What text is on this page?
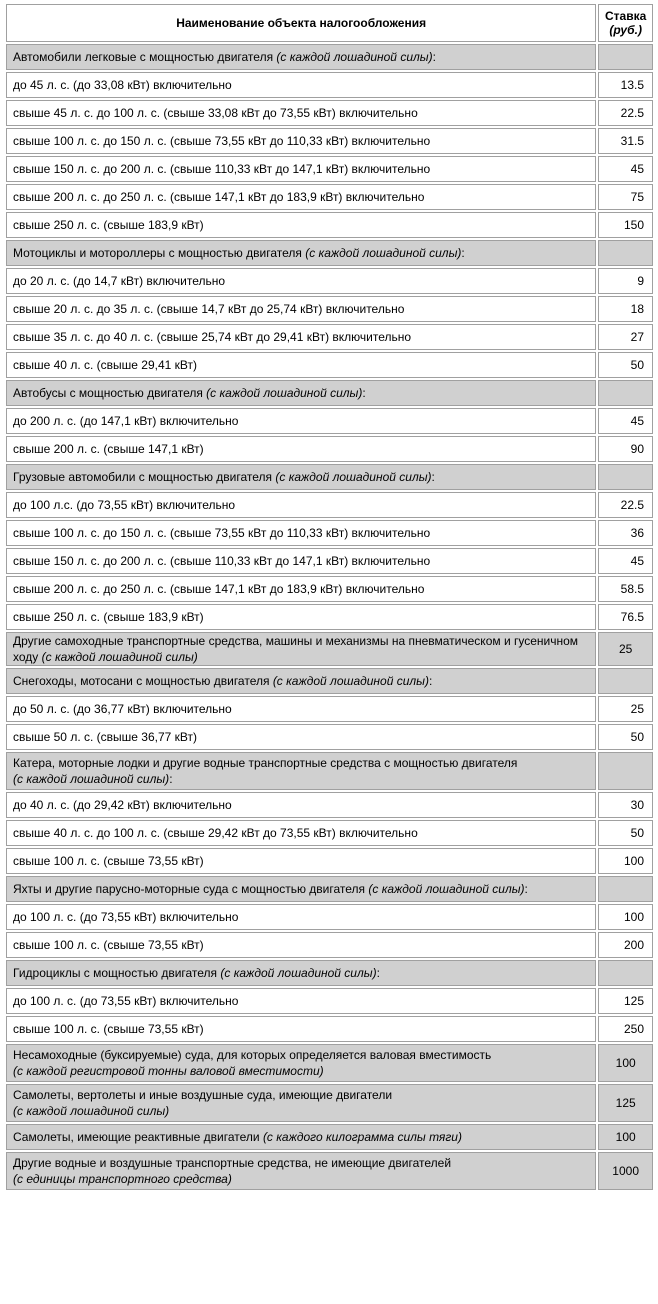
Наименование объекта налогообложения	Ставка
(руб.)
Автомобили легковые с мощностью двигателя (с каждой лошадиной силы):	
до 45 л. с. (до 33,08 кВт) включительно	13.5
свыше 45 л. с. до 100 л. с. (свыше 33,08 кВт до 73,55 кВт) включительно	22.5
свыше 100 л. с. до 150 л. с. (свыше 73,55 кВт до 110,33 кВт) включительно	31.5
свыше 150 л. с. до 200 л. с. (свыше 110,33 кВт до 147,1 кВт) включительно	45
свыше 200 л. с. до 250 л. с. (свыше 147,1 кВт до 183,9 кВт) включительно	75
свыше 250 л. с. (свыше 183,9 кВт)	150
Мотоциклы и мотороллеры с мощностью двигателя (с каждой лошадиной силы):	
до 20 л. с. (до 14,7 кВт) включительно	9
свыше 20 л. с. до 35 л. с. (свыше 14,7 кВт до 25,74 кВт) включительно	18
свыше 35 л. с. до 40 л. с. (свыше 25,74 кВт до 29,41 кВт) включительно	27
свыше 40 л. с. (свыше 29,41 кВт)	50
Автобусы с мощностью двигателя (с каждой лошадиной силы):	
до 200 л. с. (до 147,1 кВт) включительно	45
свыше 200 л. с. (свыше 147,1 кВт)	90
Грузовые автомобили с мощностью двигателя (с каждой лошадиной силы):	
до 100 л.с. (до 73,55 кВт) включительно	22.5
свыше 100 л. с. до 150 л. с. (свыше 73,55 кВт до 110,33 кВт) включительно	36
свыше 150 л. с. до 200 л. с. (свыше 110,33 кВт до 147,1 кВт) включительно	45
свыше 200 л. с. до 250 л. с. (свыше 147,1 кВт до 183,9 кВт) включительно	58.5
свыше 250 л. с. (свыше 183,9 кВт)	76.5
Другие самоходные транспортные средства, машины и механизмы на пневматическом и гусеничном ходу (с каждой лошадиной силы)	25
Снегоходы, мотосани с мощностью двигателя (с каждой лошадиной силы):	
до 50 л. с. (до 36,77 кВт) включительно	25
свыше 50 л. с. (свыше 36,77 кВт)	50
Катера, моторные лодки и другие водные транспортные средства с мощностью двигателя
(с каждой лошадиной силы):	
до 40 л. с. (до 29,42 кВт) включительно	30
свыше 40 л. с. до 100 л. с. (свыше 29,42 кВт до 73,55 кВт) включительно	50
свыше 100 л. с. (свыше 73,55 кВт)	100
Яхты и другие парусно-моторные суда с мощностью двигателя (с каждой лошадиной силы):	
до 100 л. с. (до 73,55 кВт) включительно	100
свыше 100 л. с. (свыше 73,55 кВт)	200
Гидроциклы с мощностью двигателя (с каждой лошадиной силы):	
до 100 л. с. (до 73,55 кВт) включительно	125
свыше 100 л. с. (свыше 73,55 кВт)	250
Несамоходные (буксируемые) суда, для которых определяется валовая вместимость
(с каждой регистровой тонны валовой вместимости)	100
Самолеты, вертолеты и иные воздушные суда, имеющие двигатели
(с каждой лошадиной силы)	125
Самолеты, имеющие реактивные двигатели (с каждого килограмма силы тяги)	100
Другие водные и воздушные транспортные средства, не имеющие двигателей
(с единицы транспортного средства)	1000
